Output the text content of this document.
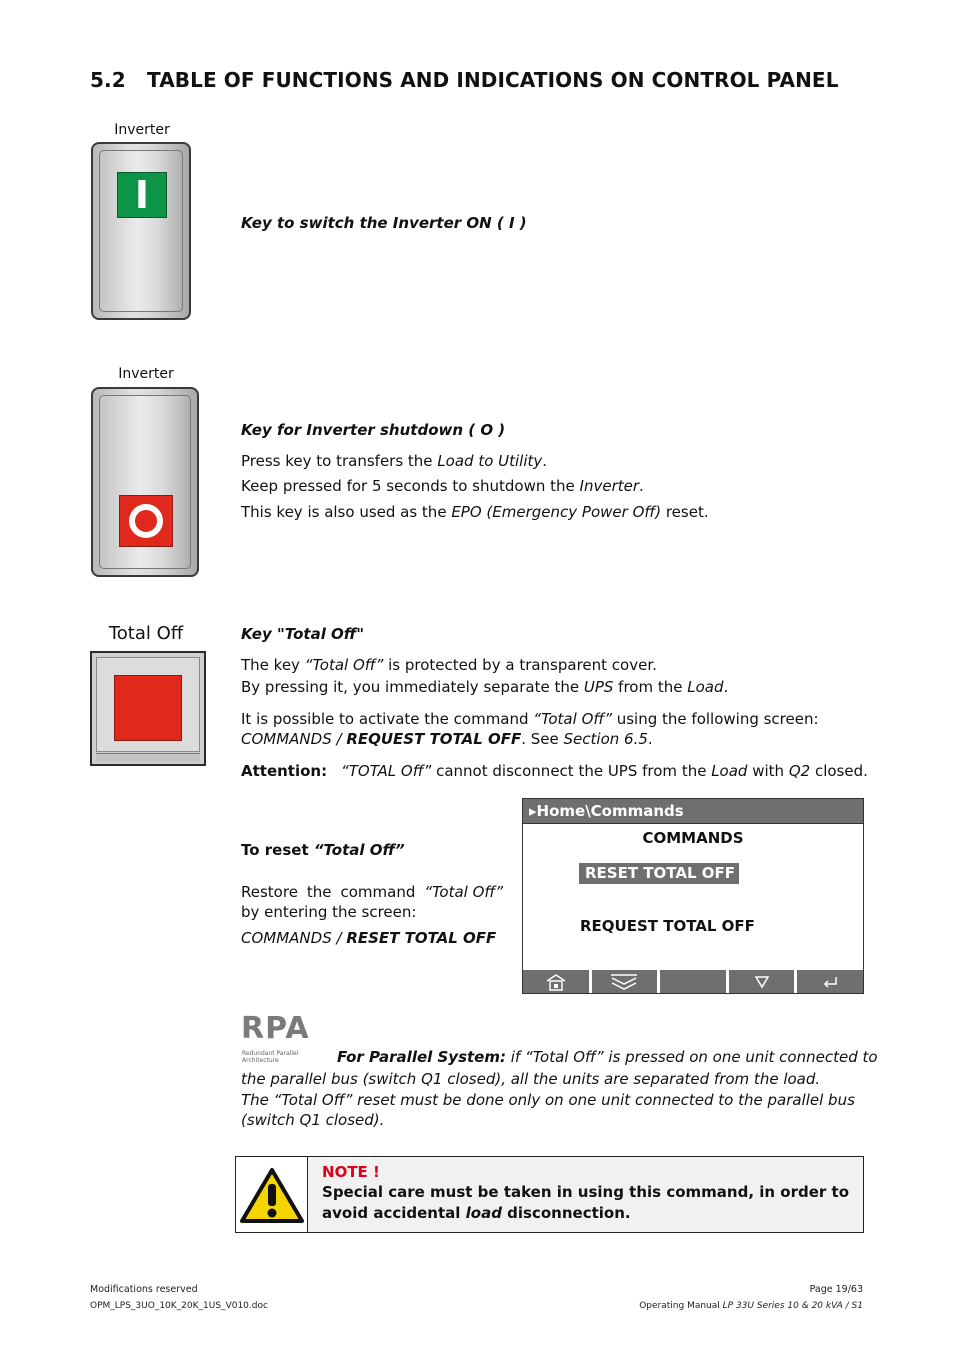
5.2 TABLE OF FUNCTIONS AND INDICATIONS ON CONTROL PANEL
Inverter
I
Key to switch the Inverter ON ( I )
Inverter
Key for Inverter shutdown ( O )
Press key to transfers the Load to Utility.
Keep pressed for 5 seconds to shutdown the Inverter.
This key is also used as the EPO (Emergency Power Off) reset.
Total Off	Key "Total Off"
The key “Total Off” is protected by a transparent cover.
By pressing it, you immediately separate the UPS from the Load.
It is possible to activate the command “Total Off” using the following screen:
COMMANDS / REQUEST TOTAL OFF. See Section 6.5.
Attention: “TOTAL Off” cannot disconnect the UPS from the Load with Q2 closed.
To reset “Total Off”
Restore the command “Total Off”
by entering the screen:
COMMANDS / RESET TOTAL OFF
▸Home\Commands
COMMANDS
RESET TOTAL OFF
REQUEST TOTAL OFF
RPA
Redundant Parallel
Architecture	For Parallel System: if “Total Off” is pressed on one unit connected to
the parallel bus (switch Q1 closed), all the units are separated from the load.
The “Total Off” reset must be done only on one unit connected to the parallel bus
(switch Q1 closed).
NOTE !
Special care must be taken in using this command, in order to
avoid accidental load disconnection.
Modifications reserved
OPM_LPS_3UO_10K_20K_1US_V010.doc
Page 19/63
Operating Manual LP 33U Series 10 & 20 kVA / S1
